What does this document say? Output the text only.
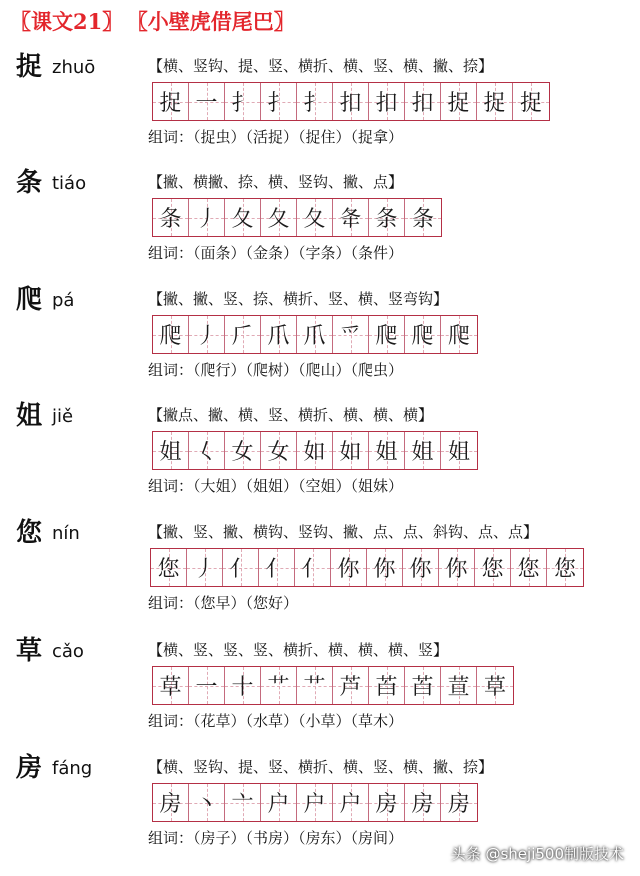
〖课文21〗 〖小壁虎借尾巴〗
捉 zhuō	【横、竖钩、提、竖、横折、横、竖、横、撇、捺】
捉 一 扌 扌 扌 扣 扣 扣 捉 捉 捉
组词：（捉虫）（活捉）（捉住）（捉拿）
条 tiáo	【撇、横撇、捺、横、竖钩、撇、点】
条 丿 夂 夂 夂 夅 条 条
组词：（面条）（金条）（字条）（条件）
爬 pá	【撇、撇、竖、捺、横折、竖、横、竖弯钩】
爬 丿 𠂆 爪 爪 爫 爬 爬 爬
组词：（爬行）（爬树）（爬山）（爬虫）
姐 jiě	【撇点、撇、横、竖、横折、横、横、横】
姐 𡿨 女 女 如 如 姐 姐 姐
组词：（大姐）（姐姐）（空姐）（姐妹）
您 nín	【撇、竖、撇、横钩、竖钩、撇、点、点、斜钩、点、点】
您 丿 亻 亻 亻 你 你 你 你 您 您 您
组词：（您早）（您好）
草 cǎo	【横、竖、竖、竖、横折、横、横、横、竖】
草 一 十 艹 艹 芦 苩 苩 荁 草
组词：（花草）（水草）（小草）（草木）
房 fáng	【横、竖钩、提、竖、横折、横、竖、横、撇、捺】
房 丶 亠 户 户 户 房 房 房
组词：（房子）（书房）（房东）（房间）
头条 @sheji500制版技术
